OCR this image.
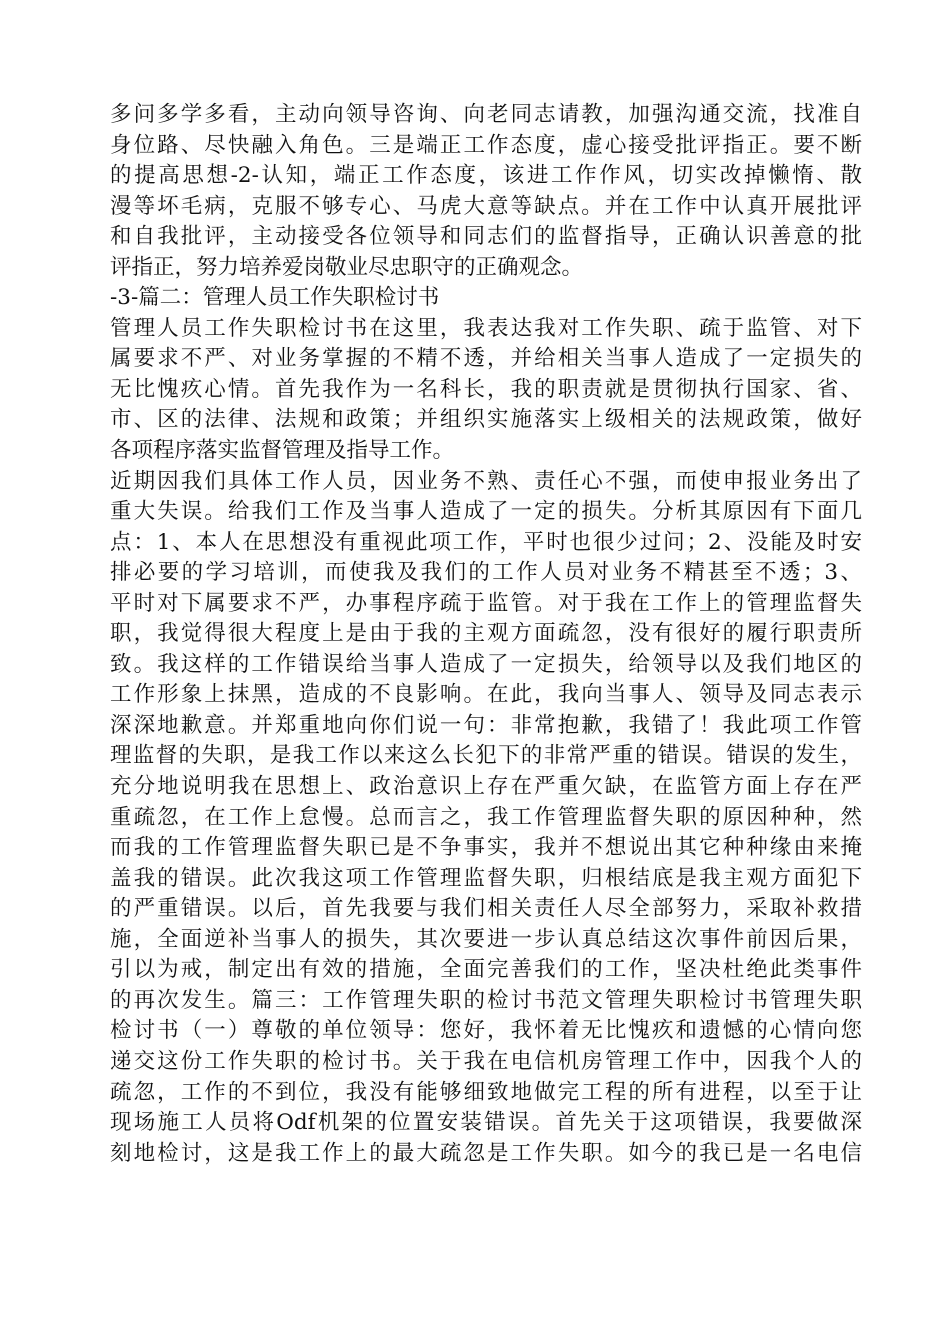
多问多学多看，主动向领导咨询、向老同志请教，加强沟通交流，找准自
身位路、尽快融入角色。三是端正工作态度，虚心接受批评指正。要不断
的提高思想-2-认知，端正工作态度，该进工作作风，切实改掉懒惰、散
漫等坏毛病，克服不够专心、马虎大意等缺点。并在工作中认真开展批评
和自我批评，主动接受各位领导和同志们的监督指导，正确认识善意的批
评指正，努力培养爱岗敬业尽忠职守的正确观念。
-3-篇二：管理人员工作失职检讨书
管理人员工作失职检讨书在这里，我表达我对工作失职、疏于监管、对下
属要求不严、对业务掌握的不精不透，并给相关当事人造成了一定损失的
无比愧疚心情。首先我作为一名科长，我的职责就是贯彻执行国家、省、
市、区的法律、法规和政策；并组织实施落实上级相关的法规政策，做好
各项程序落实监督管理及指导工作。
近期因我们具体工作人员，因业务不熟、责任心不强，而使申报业务出了
重大失误。给我们工作及当事人造成了一定的损失。分析其原因有下面几
点：1、本人在思想没有重视此项工作，平时也很少过问；2、没能及时安
排必要的学习培训，而使我及我们的工作人员对业务不精甚至不透；3、
平时对下属要求不严，办事程序疏于监管。对于我在工作上的管理监督失
职，我觉得很大程度上是由于我的主观方面疏忽，没有很好的履行职责所
致。我这样的工作错误给当事人造成了一定损失，给领导以及我们地区的
工作形象上抹黑，造成的不良影响。在此，我向当事人、领导及同志表示
深深地歉意。并郑重地向你们说一句：非常抱歉，我错了！我此项工作管
理监督的失职，是我工作以来这么长犯下的非常严重的错误。错误的发生，
充分地说明我在思想上、政治意识上存在严重欠缺，在监管方面上存在严
重疏忽，在工作上怠慢。总而言之，我工作管理监督失职的原因种种，然
而我的工作管理监督失职已是不争事实，我并不想说出其它种种缘由来掩
盖我的错误。此次我这项工作管理监督失职，归根结底是我主观方面犯下
的严重错误。以后，首先我要与我们相关责任人尽全部努力，采取补救措
施，全面逆补当事人的损失，其次要进一步认真总结这次事件前因后果，
引以为戒，制定出有效的措施，全面完善我们的工作，坚决杜绝此类事件
的再次发生。篇三：工作管理失职的检讨书范文管理失职检讨书管理失职
检讨书（一）尊敬的单位领导：您好，我怀着无比愧疚和遗憾的心情向您
递交这份工作失职的检讨书。关于我在电信机房管理工作中，因我个人的
疏忽，工作的不到位，我没有能够细致地做完工程的所有进程，以至于让
现场施工人员将Odf机架的位置安装错误。首先关于这项错误，我要做深
刻地检讨，这是我工作上的最大疏忽是工作失职。如今的我已是一名电信
